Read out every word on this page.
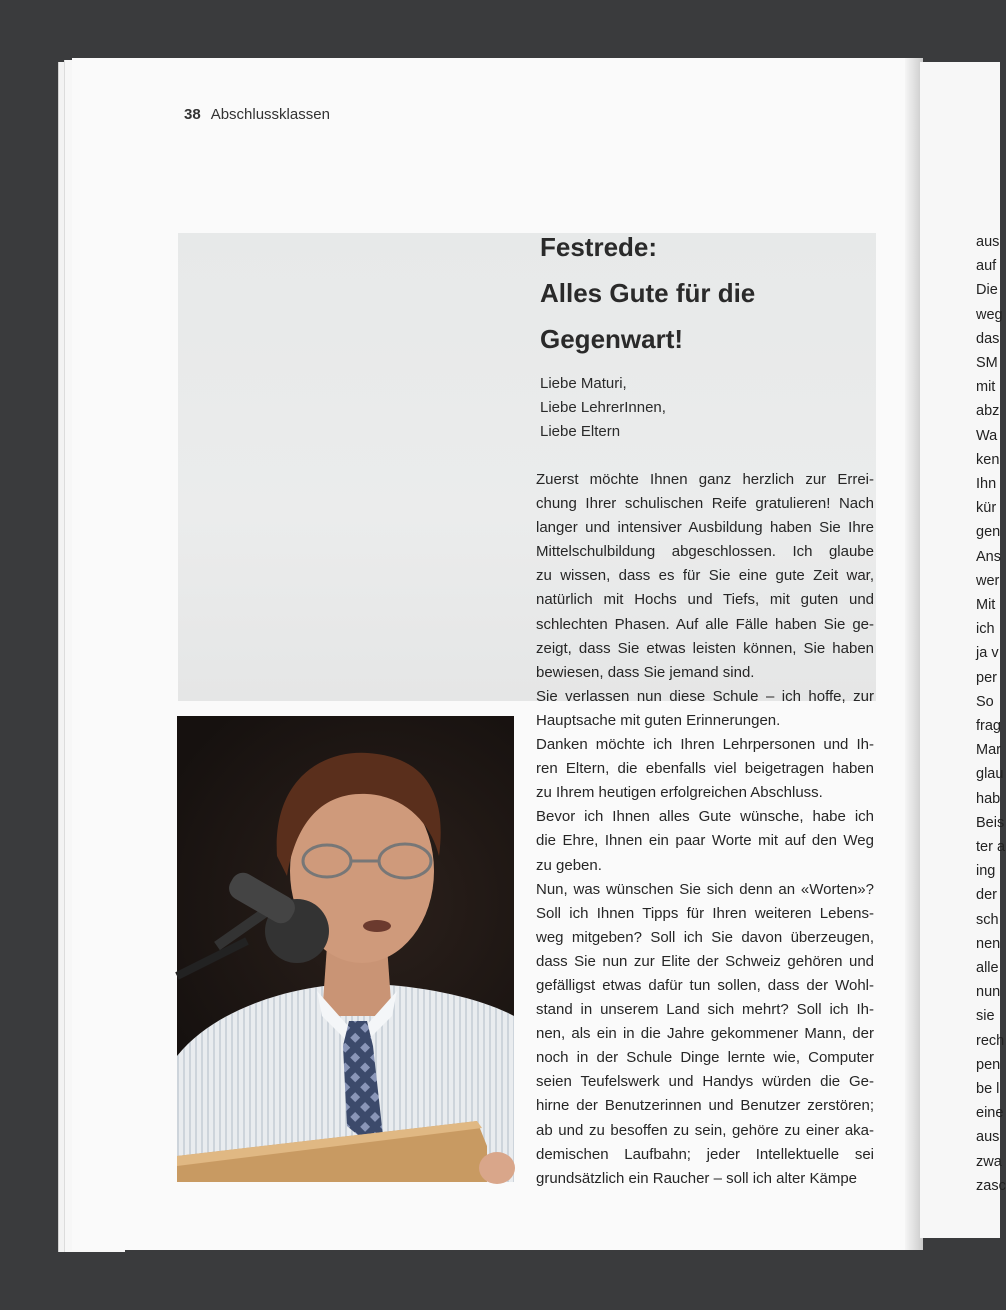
aus
auf
Die
weg
das
SM
mit
abz
Wa
ken
Ihn
kür
gen
Ans
wer
Mit
ich
ja v
per
So
frag
Mar
glau
hab
Beis
ter a
ing
der
sch
nen
alle
nun
sie
rech
pen
be l
eine
aus
zwa
zasc
38 Abschlussklassen
Festrede:
Alles Gute für die
Gegenwart!
Liebe Maturi,
Liebe LehrerInnen,
Liebe Eltern
Zuerst möchte Ihnen ganz herzlich zur Errei-
chung Ihrer schulischen Reife gratulieren! Nach
langer und intensiver Ausbildung haben Sie Ihre
Mittelschulbildung abgeschlossen. Ich glaube
zu wissen, dass es für Sie eine gute Zeit war,
natürlich mit Hochs und Tiefs, mit guten und
schlechten Phasen. Auf alle Fälle haben Sie ge-
zeigt, dass Sie etwas leisten können, Sie haben
bewiesen, dass Sie jemand sind.
Sie verlassen nun diese Schule – ich hoffe, zur
Hauptsache mit guten Erinnerungen.
Danken möchte ich Ihren Lehrpersonen und Ih-
ren Eltern, die ebenfalls viel beigetragen haben
zu Ihrem heutigen erfolgreichen Abschluss.
Bevor ich Ihnen alles Gute wünsche, habe ich
die Ehre, Ihnen ein paar Worte mit auf den Weg
zu geben.
Nun, was wünschen Sie sich denn an «Worten»?
Soll ich Ihnen Tipps für Ihren weiteren Lebens-
weg mitgeben? Soll ich Sie davon überzeugen,
dass Sie nun zur Elite der Schweiz gehören und
gefälligst etwas dafür tun sollen, dass der Wohl-
stand in unserem Land sich mehrt? Soll ich Ih-
nen, als ein in die Jahre gekommener Mann, der
noch in der Schule Dinge lernte wie, Computer
seien Teufelswerk und Handys würden die Ge-
hirne der Benutzerinnen und Benutzer zerstören;
ab und zu besoffen zu sein, gehöre zu einer aka-
demischen Laufbahn; jeder Intellektuelle sei
grundsätzlich ein Raucher – soll ich alter Kämpe
